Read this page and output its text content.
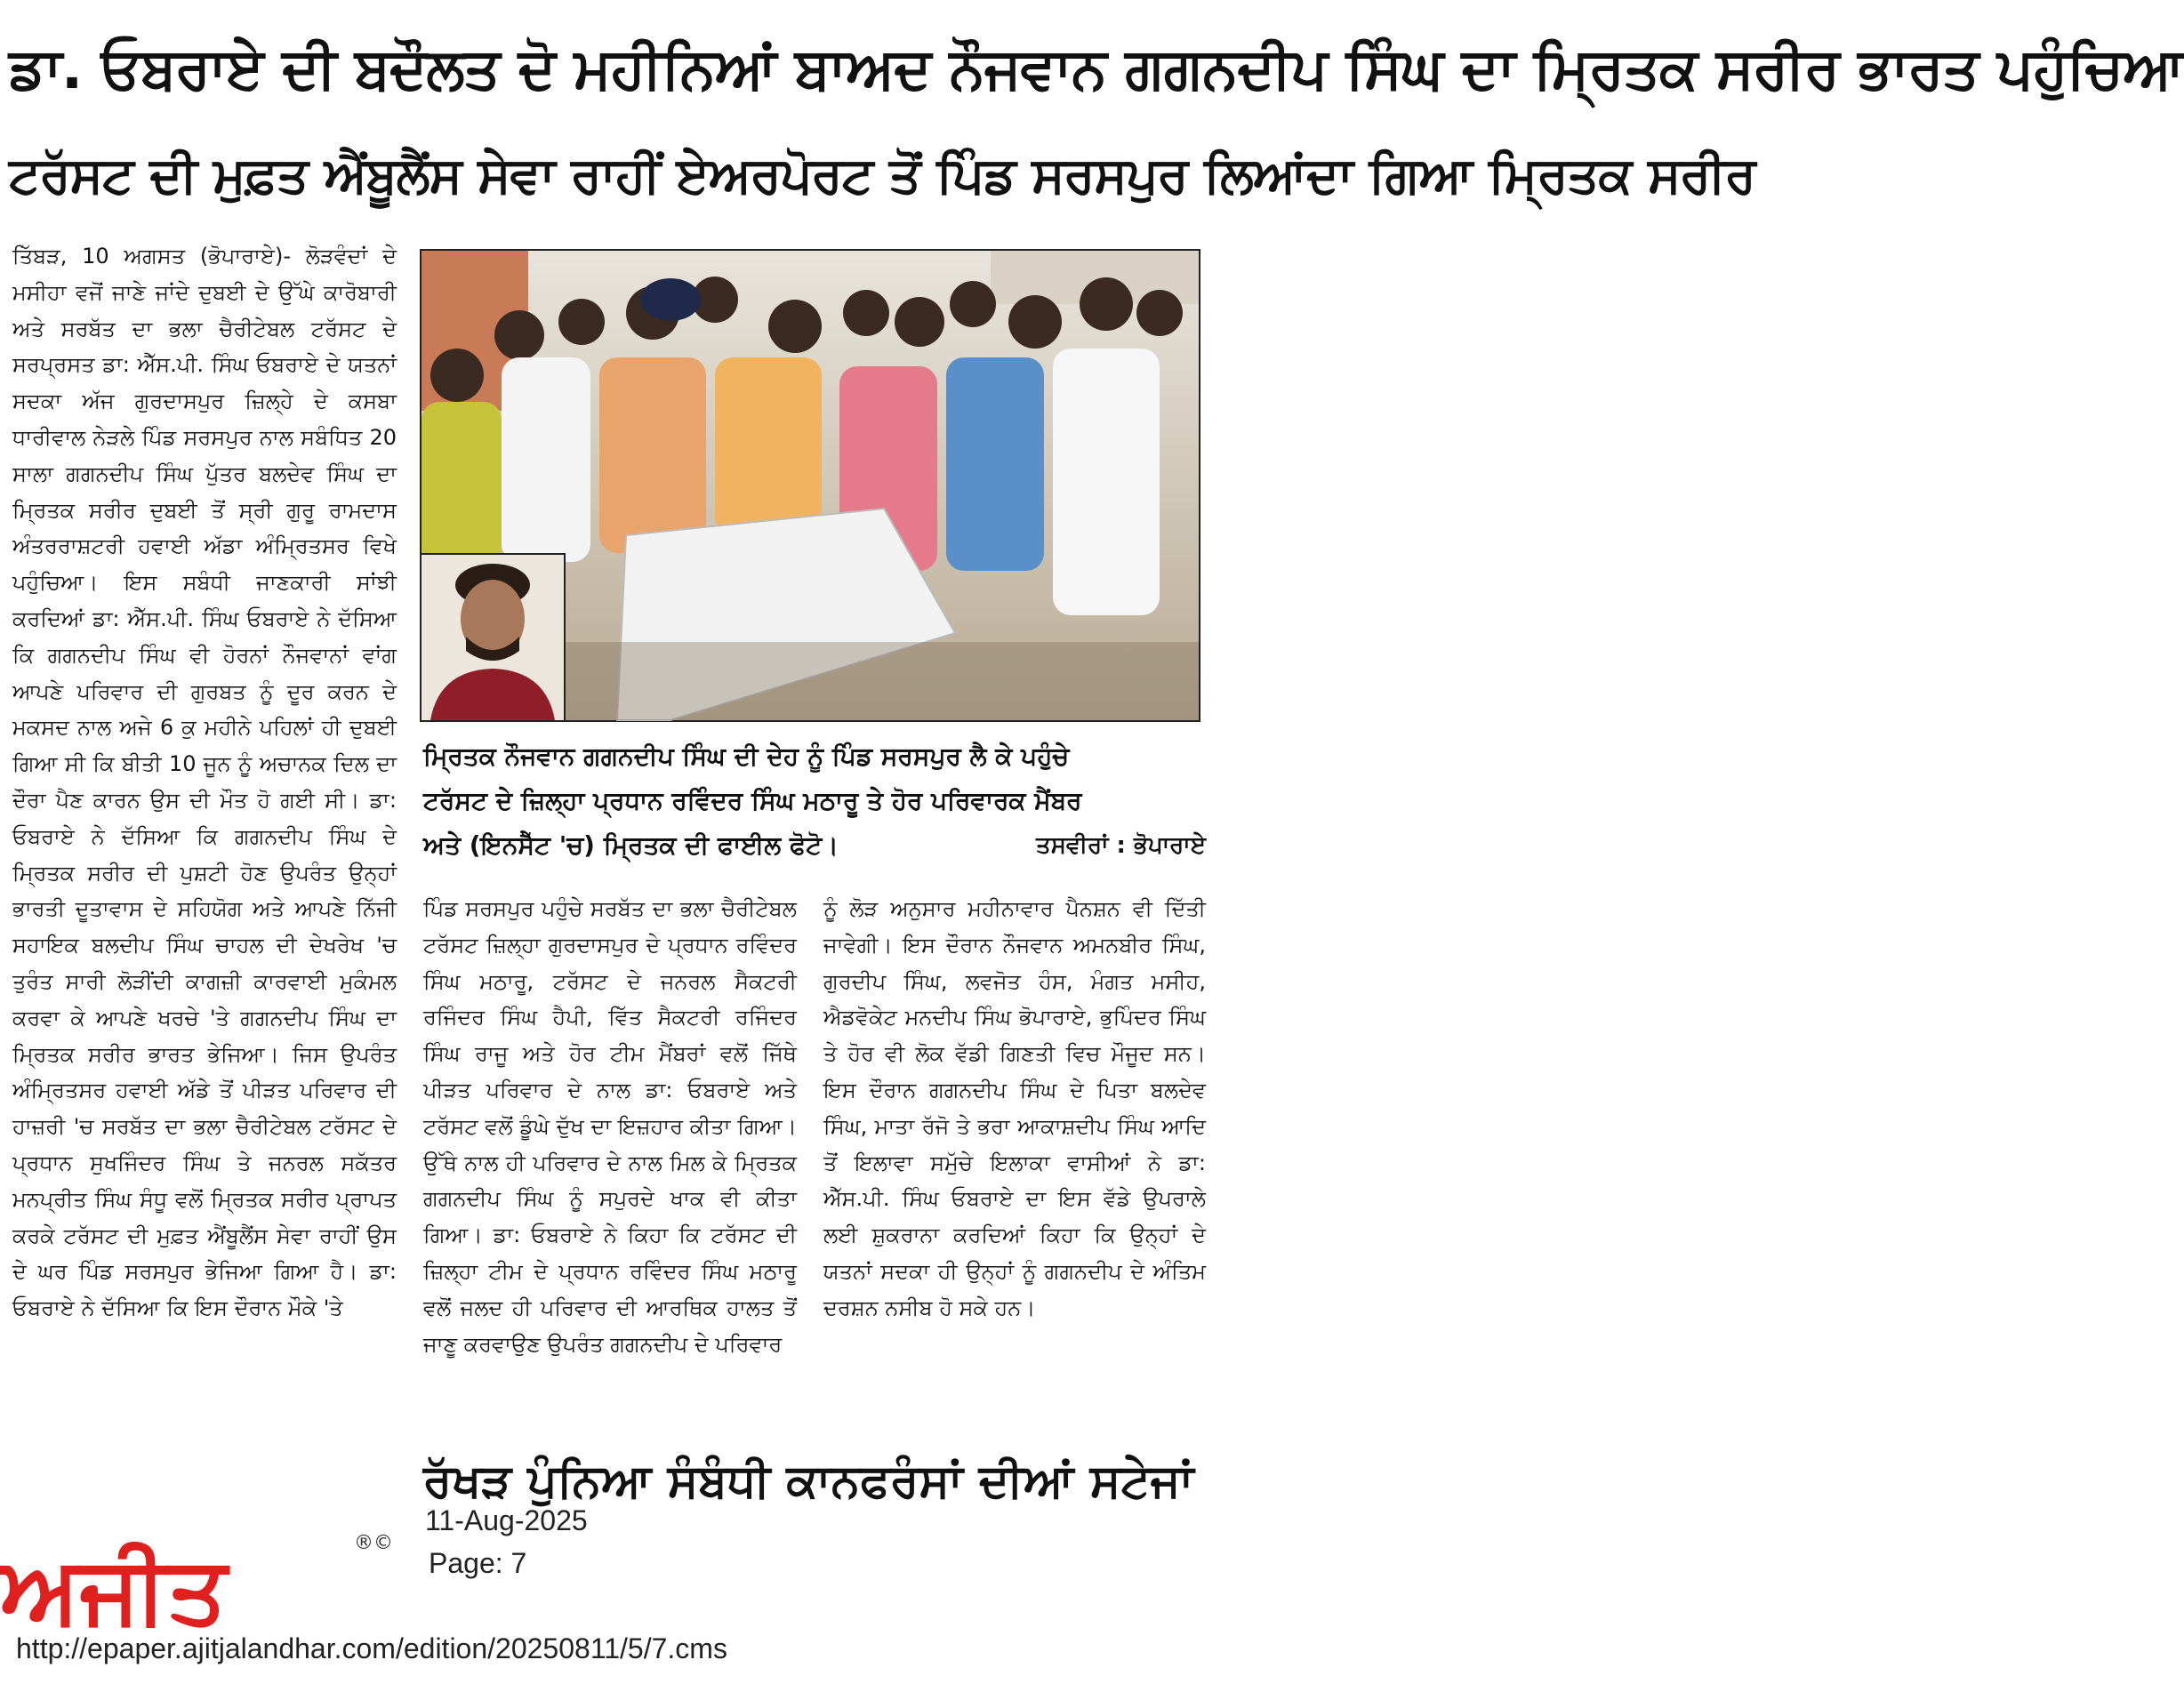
ਡਾ. ਓਬਰਾਏ ਦੀ ਬਦੌਲਤ ਦੋ ਮਹੀਨਿਆਂ ਬਾਅਦ ਨੌਜਵਾਨ ਗਗਨਦੀਪ ਸਿੰਘ ਦਾ ਮ੍ਰਿਤਕ ਸਰੀਰ ਭਾਰਤ ਪਹੁੰਚਿਆ
ਟਰੱਸਟ ਦੀ ਮੁਫ਼ਤ ਐਂਬੂਲੈਂਸ ਸੇਵਾ ਰਾਹੀਂ ਏਅਰਪੋਰਟ ਤੋਂ ਪਿੰਡ ਸਰਸਪੁਰ ਲਿਆਂਦਾ ਗਿਆ ਮ੍ਰਿਤਕ ਸਰੀਰ
ਤਿੱਬੜ, 10 ਅਗਸਤ (ਭੋਪਾਰਾਏ)- ਲੋੜਵੰਦਾਂ ਦੇ ਮਸੀਹਾ ਵਜੋਂ ਜਾਣੇ ਜਾਂਦੇ ਦੁਬਈ ਦੇ ਉੱਘੇ ਕਾਰੋਬਾਰੀ ਅਤੇ ਸਰਬੱਤ ਦਾ ਭਲਾ ਚੈਰੀਟੇਬਲ ਟਰੱਸਟ ਦੇ ਸਰਪ੍ਰਸਤ ਡਾ: ਐੱਸ.ਪੀ. ਸਿੰਘ ਓਬਰਾਏ ਦੇ ਯਤਨਾਂ ਸਦਕਾ ਅੱਜ ਗੁਰਦਾਸਪੁਰ ਜ਼ਿਲ੍ਹੇ ਦੇ ਕਸਬਾ ਧਾਰੀਵਾਲ ਨੇੜਲੇ ਪਿੰਡ ਸਰਸਪੁਰ ਨਾਲ ਸਬੰਧਿਤ 20 ਸਾਲਾ ਗਗਨਦੀਪ ਸਿੰਘ ਪੁੱਤਰ ਬਲਦੇਵ ਸਿੰਘ ਦਾ ਮ੍ਰਿਤਕ ਸਰੀਰ ਦੁਬਈ ਤੋਂ ਸ੍ਰੀ ਗੁਰੂ ਰਾਮਦਾਸ ਅੰਤਰਰਾਸ਼ਟਰੀ ਹਵਾਈ ਅੱਡਾ ਅੰਮ੍ਰਿਤਸਰ ਵਿਖੇ ਪਹੁੰਚਿਆ। ਇਸ ਸਬੰਧੀ ਜਾਣਕਾਰੀ ਸਾਂਝੀ ਕਰਦਿਆਂ ਡਾ: ਐੱਸ.ਪੀ. ਸਿੰਘ ਓਬਰਾਏ ਨੇ ਦੱਸਿਆ ਕਿ ਗਗਨਦੀਪ ਸਿੰਘ ਵੀ ਹੋਰਨਾਂ ਨੌਜਵਾਨਾਂ ਵਾਂਗ ਆਪਣੇ ਪਰਿਵਾਰ ਦੀ ਗੁਰਬਤ ਨੂੰ ਦੂਰ ਕਰਨ ਦੇ ਮਕਸਦ ਨਾਲ ਅਜੇ 6 ਕੁ ਮਹੀਨੇ ਪਹਿਲਾਂ ਹੀ ਦੁਬਈ ਗਿਆ ਸੀ ਕਿ ਬੀਤੀ 10 ਜੂਨ ਨੂੰ ਅਚਾਨਕ ਦਿਲ ਦਾ ਦੌਰਾ ਪੈਣ ਕਾਰਨ ਉਸ ਦੀ ਮੌਤ ਹੋ ਗਈ ਸੀ। ਡਾ: ਓਬਰਾਏ ਨੇ ਦੱਸਿਆ ਕਿ ਗਗਨਦੀਪ ਸਿੰਘ ਦੇ ਮ੍ਰਿਤਕ ਸਰੀਰ ਦੀ ਪੁਸ਼ਟੀ ਹੋਣ ਉਪਰੰਤ ਉਨ੍ਹਾਂ ਭਾਰਤੀ ਦੂਤਾਵਾਸ ਦੇ ਸਹਿਯੋਗ ਅਤੇ ਆਪਣੇ ਨਿੱਜੀ ਸਹਾਇਕ ਬਲਦੀਪ ਸਿੰਘ ਚਾਹਲ ਦੀ ਦੇਖਰੇਖ 'ਚ ਤੁਰੰਤ ਸਾਰੀ ਲੋੜੀਂਦੀ ਕਾਗਜ਼ੀ ਕਾਰਵਾਈ ਮੁਕੰਮਲ ਕਰਵਾ ਕੇ ਆਪਣੇ ਖਰਚੇ 'ਤੇ ਗਗਨਦੀਪ ਸਿੰਘ ਦਾ ਮ੍ਰਿਤਕ ਸਰੀਰ ਭਾਰਤ ਭੇਜਿਆ। ਜਿਸ ਉਪਰੰਤ ਅੰਮ੍ਰਿਤਸਰ ਹਵਾਈ ਅੱਡੇ ਤੋਂ ਪੀੜਤ ਪਰਿਵਾਰ ਦੀ ਹਾਜ਼ਰੀ 'ਚ ਸਰਬੱਤ ਦਾ ਭਲਾ ਚੈਰੀਟੇਬਲ ਟਰੱਸਟ ਦੇ ਪ੍ਰਧਾਨ ਸੁਖਜਿੰਦਰ ਸਿੰਘ ਤੇ ਜਨਰਲ ਸਕੱਤਰ ਮਨਪ੍ਰੀਤ ਸਿੰਘ ਸੰਧੂ ਵਲੋਂ ਮ੍ਰਿਤਕ ਸਰੀਰ ਪ੍ਰਾਪਤ ਕਰਕੇ ਟਰੱਸਟ ਦੀ ਮੁਫ਼ਤ ਐਂਬੂਲੈਂਸ ਸੇਵਾ ਰਾਹੀਂ ਉਸ ਦੇ ਘਰ ਪਿੰਡ ਸਰਸਪੁਰ ਭੇਜਿਆ ਗਿਆ ਹੈ। ਡਾ: ਓਬਰਾਏ ਨੇ ਦੱਸਿਆ ਕਿ ਇਸ ਦੌਰਾਨ ਮੌਕੇ 'ਤੇ
ਮ੍ਰਿਤਕ ਨੌਜਵਾਨ ਗਗਨਦੀਪ ਸਿੰਘ ਦੀ ਦੇਹ ਨੂੰ ਪਿੰਡ ਸਰਸਪੁਰ ਲੈ ਕੇ ਪਹੁੰਚੇ
ਟਰੱਸਟ ਦੇ ਜ਼ਿਲ੍ਹਾ ਪ੍ਰਧਾਨ ਰਵਿੰਦਰ ਸਿੰਘ ਮਠਾਰੂ ਤੇ ਹੋਰ ਪਰਿਵਾਰਕ ਮੈਂਬਰ
ਅਤੇ (ਇਨਸੈੱਟ 'ਚ) ਮ੍ਰਿਤਕ ਦੀ ਫਾਈਲ ਫੋਟੋ।	ਤਸਵੀਰਾਂ : ਭੋਪਾਰਾਏ
ਪਿੰਡ ਸਰਸਪੁਰ ਪਹੁੰਚੇ ਸਰਬੱਤ ਦਾ ਭਲਾ ਚੈਰੀਟੇਬਲ ਟਰੱਸਟ ਜ਼ਿਲ੍ਹਾ ਗੁਰਦਾਸਪੁਰ ਦੇ ਪ੍ਰਧਾਨ ਰਵਿੰਦਰ ਸਿੰਘ ਮਠਾਰੂ, ਟਰੱਸਟ ਦੇ ਜਨਰਲ ਸੈਕਟਰੀ ਰਜਿੰਦਰ ਸਿੰਘ ਹੈਪੀ, ਵਿੱਤ ਸੈਕਟਰੀ ਰਜਿੰਦਰ ਸਿੰਘ ਰਾਜੂ ਅਤੇ ਹੋਰ ਟੀਮ ਮੈਂਬਰਾਂ ਵਲੋਂ ਜਿੱਥੇ ਪੀੜਤ ਪਰਿਵਾਰ ਦੇ ਨਾਲ ਡਾ: ਓਬਰਾਏ ਅਤੇ ਟਰੱਸਟ ਵਲੋਂ ਡੂੰਘੇ ਦੁੱਖ ਦਾ ਇਜ਼ਹਾਰ ਕੀਤਾ ਗਿਆ। ਉੱਥੇ ਨਾਲ ਹੀ ਪਰਿਵਾਰ ਦੇ ਨਾਲ ਮਿਲ ਕੇ ਮ੍ਰਿਤਕ ਗਗਨਦੀਪ ਸਿੰਘ ਨੂੰ ਸਪੁਰਦੇ ਖਾਕ ਵੀ ਕੀਤਾ ਗਿਆ। ਡਾ: ਓਬਰਾਏ ਨੇ ਕਿਹਾ ਕਿ ਟਰੱਸਟ ਦੀ ਜ਼ਿਲ੍ਹਾ ਟੀਮ ਦੇ ਪ੍ਰਧਾਨ ਰਵਿੰਦਰ ਸਿੰਘ ਮਠਾਰੂ ਵਲੋਂ ਜਲਦ ਹੀ ਪਰਿਵਾਰ ਦੀ ਆਰਥਿਕ ਹਾਲਤ ਤੋਂ ਜਾਣੂ ਕਰਵਾਉਣ ਉਪਰੰਤ ਗਗਨਦੀਪ ਦੇ ਪਰਿਵਾਰ
ਨੂੰ ਲੋੜ ਅਨੁਸਾਰ ਮਹੀਨਾਵਾਰ ਪੈਨਸ਼ਨ ਵੀ ਦਿੱਤੀ ਜਾਵੇਗੀ। ਇਸ ਦੌਰਾਨ ਨੌਜਵਾਨ ਅਮਨਬੀਰ ਸਿੰਘ, ਗੁਰਦੀਪ ਸਿੰਘ, ਲਵਜੋਤ ਹੰਸ, ਮੰਗਤ ਮਸੀਹ, ਐਡਵੋਕੇਟ ਮਨਦੀਪ ਸਿੰਘ ਭੋਪਾਰਾਏ, ਭੁਪਿੰਦਰ ਸਿੰਘ ਤੇ ਹੋਰ ਵੀ ਲੋਕ ਵੱਡੀ ਗਿਣਤੀ ਵਿਚ ਮੌਜੂਦ ਸਨ। ਇਸ ਦੌਰਾਨ ਗਗਨਦੀਪ ਸਿੰਘ ਦੇ ਪਿਤਾ ਬਲਦੇਵ ਸਿੰਘ, ਮਾਤਾ ਰੱਜੋ ਤੇ ਭਰਾ ਆਕਾਸ਼ਦੀਪ ਸਿੰਘ ਆਦਿ ਤੋਂ ਇਲਾਵਾ ਸਮੁੱਚੇ ਇਲਾਕਾ ਵਾਸੀਆਂ ਨੇ ਡਾ: ਐੱਸ.ਪੀ. ਸਿੰਘ ਓਬਰਾਏ ਦਾ ਇਸ ਵੱਡੇ ਉਪਰਾਲੇ ਲਈ ਸ਼ੁਕਰਾਨਾ ਕਰਦਿਆਂ ਕਿਹਾ ਕਿ ਉਨ੍ਹਾਂ ਦੇ ਯਤਨਾਂ ਸਦਕਾ ਹੀ ਉਨ੍ਹਾਂ ਨੂੰ ਗਗਨਦੀਪ ਦੇ ਅੰਤਿਮ ਦਰਸ਼ਨ ਨਸੀਬ ਹੋ ਸਕੇ ਹਨ।
ਰੱਖੜ ਪੁੰਨਿਆ ਸੰਬੰਧੀ ਕਾਨਫਰੰਸਾਂ ਦੀਆਂ ਸਟੇਜਾਂ
ਅਜੀਤ	®©
11-Aug-2025
Page: 7
http://epaper.ajitjalandhar.com/edition/20250811/5/7.cms
